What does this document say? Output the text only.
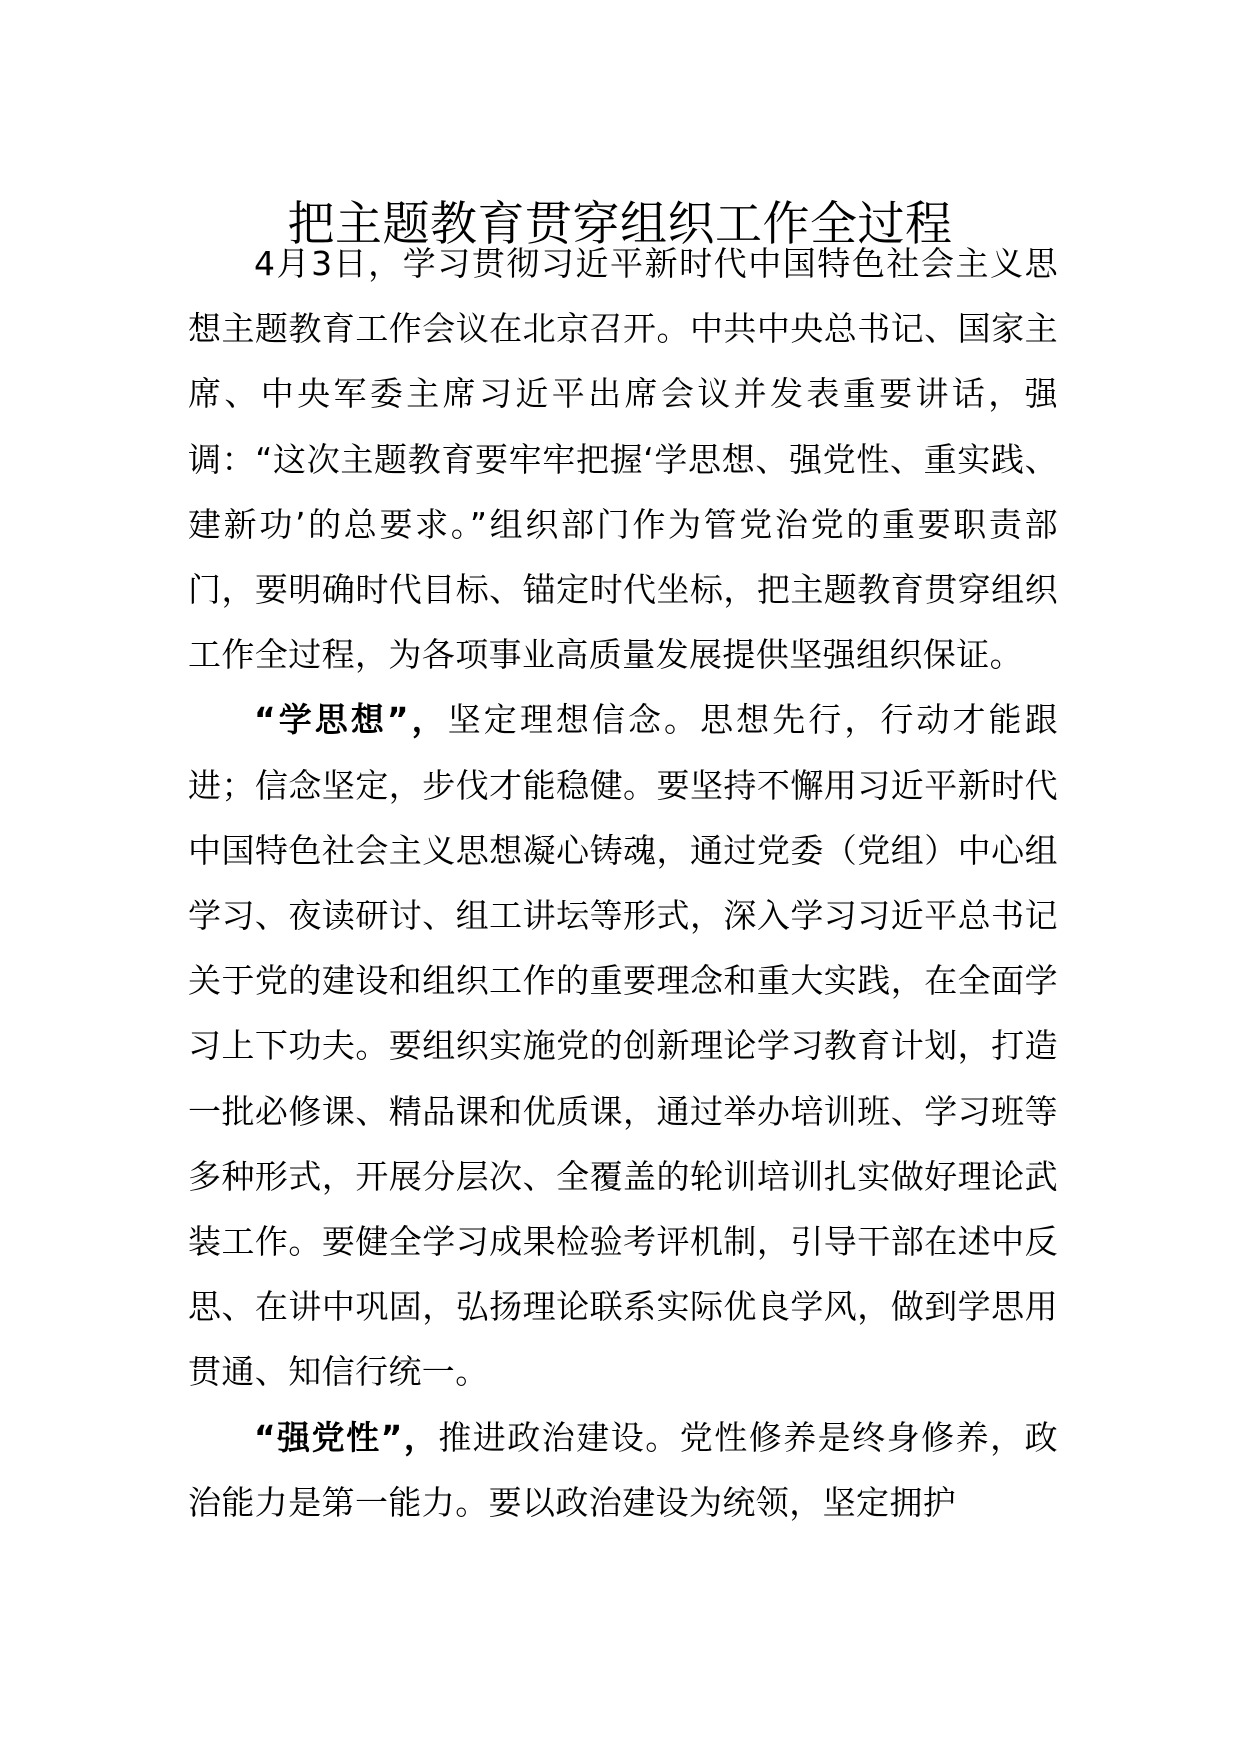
把主题教育贯穿组织工作全过程

4月3日，学习贯彻习近平新时代中国特色社会主义思想主题教育工作会议在北京召开。中共中央总书记、国家主席、中央军委主席习近平出席会议并发表重要讲话，强调：“这次主题教育要牢牢把握‘学思想、强党性、重实践、建新功’的总要求。”组织部门作为管党治党的重要职责部门，要明确时代目标、锚定时代坐标，把主题教育贯穿组织工作全过程，为各项事业高质量发展提供坚强组织保证。

“学思想”，坚定理想信念。思想先行，行动才能跟进；信念坚定，步伐才能稳健。要坚持不懈用习近平新时代中国特色社会主义思想凝心铸魂，通过党委（党组）中心组学习、夜读研讨、组工讲坛等形式，深入学习习近平总书记关于党的建设和组织工作的重要理念和重大实践，在全面学习上下功夫。要组织实施党的创新理论学习教育计划，打造一批必修课、精品课和优质课，通过举办培训班、学习班等多种形式，开展分层次、全覆盖的轮训培训扎实做好理论武装工作。要健全学习成果检验考评机制，引导干部在述中反思、在讲中巩固，弘扬理论联系实际优良学风，做到学思用贯通、知信行统一。

“强党性”，推进政治建设。党性修养是终身修养，政治能力是第一能力。要以政治建设为统领，坚定拥护
